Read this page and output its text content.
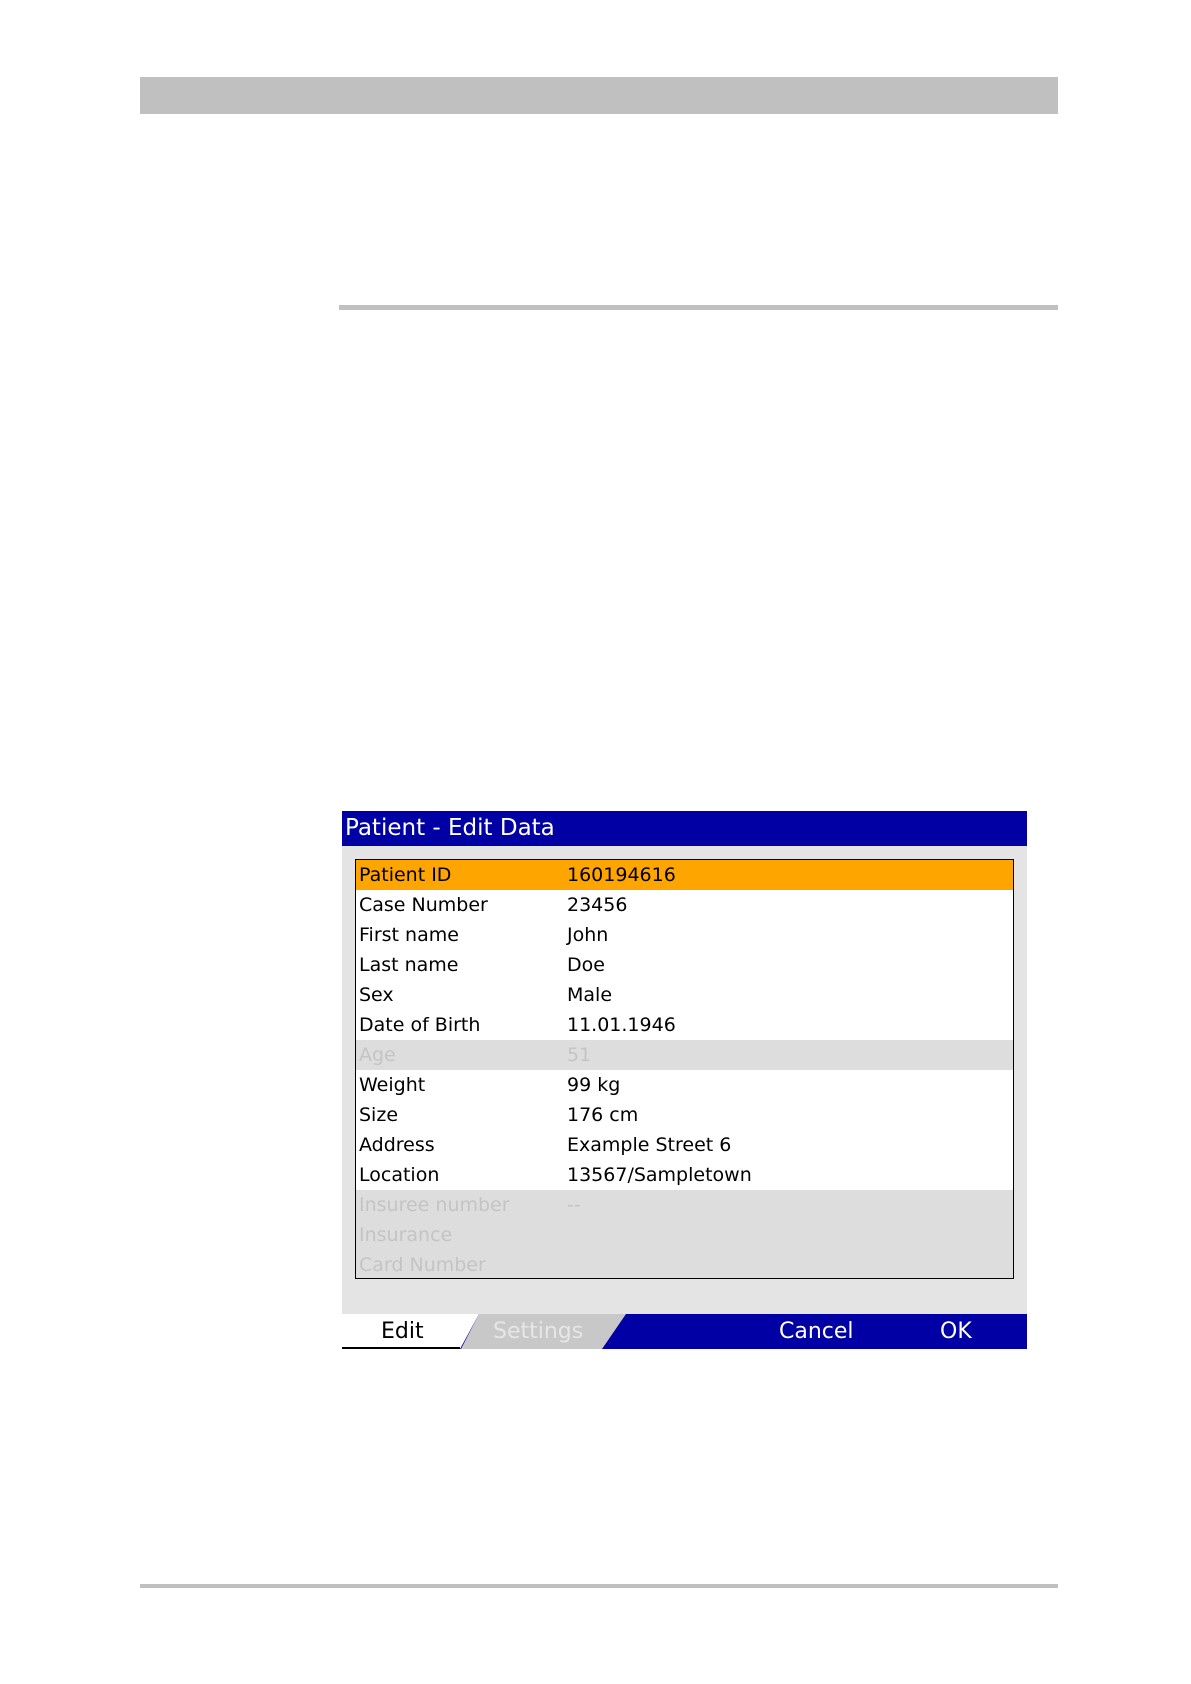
Patient - Edit Data
Patient ID	160194616
Case Number	23456
First name	John
Last name	Doe
Sex	Male
Date of Birth	11.01.1946
Age	51
Weight	99 kg
Size	176 cm
Address	Example Street 6
Location	13567/Sampletown
Insuree number	--
Insurance
Card Number
Edit	Settings	Cancel	OK
